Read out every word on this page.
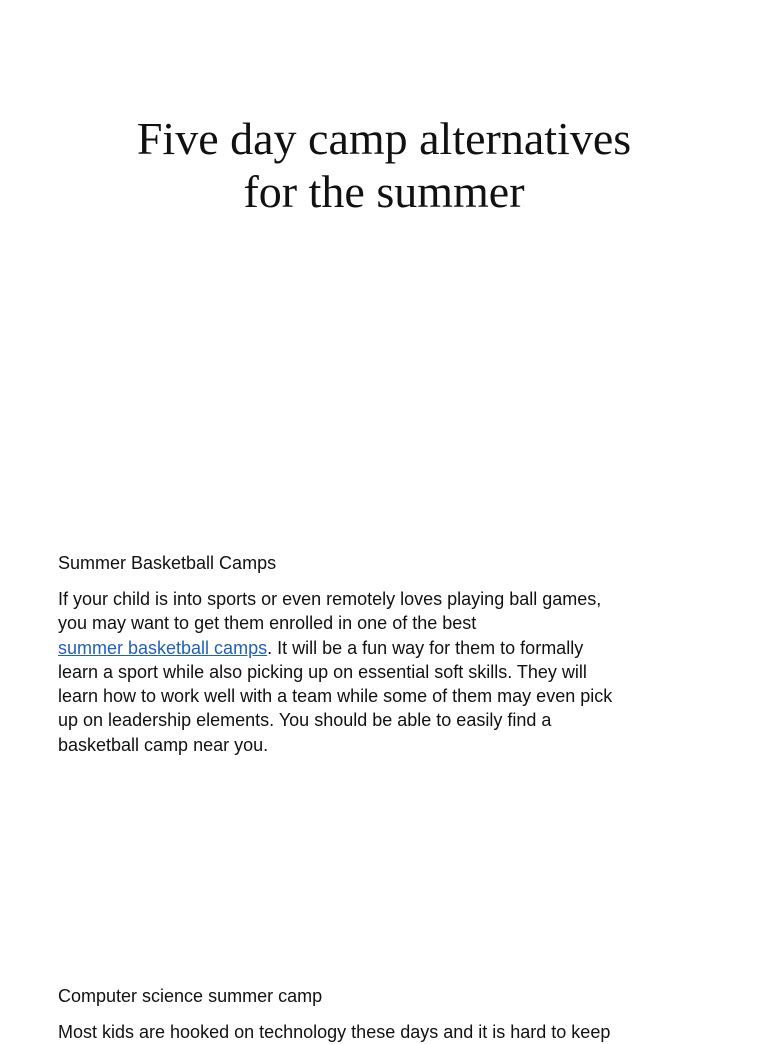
Five day camp alternatives
for the summer
Summer Basketball Camps

If your child is into sports or even remotely loves playing ball games,
you may want to get them enrolled in one of the best
summer basketball camps. It will be a fun way for them to formally
learn a sport while also picking up on essential soft skills. They will
learn how to work well with a team while some of them may even pick
up on leadership elements. You should be able to easily find a
basketball camp near you.

Computer science summer camp

Most kids are hooked on technology these days and it is hard to keep
